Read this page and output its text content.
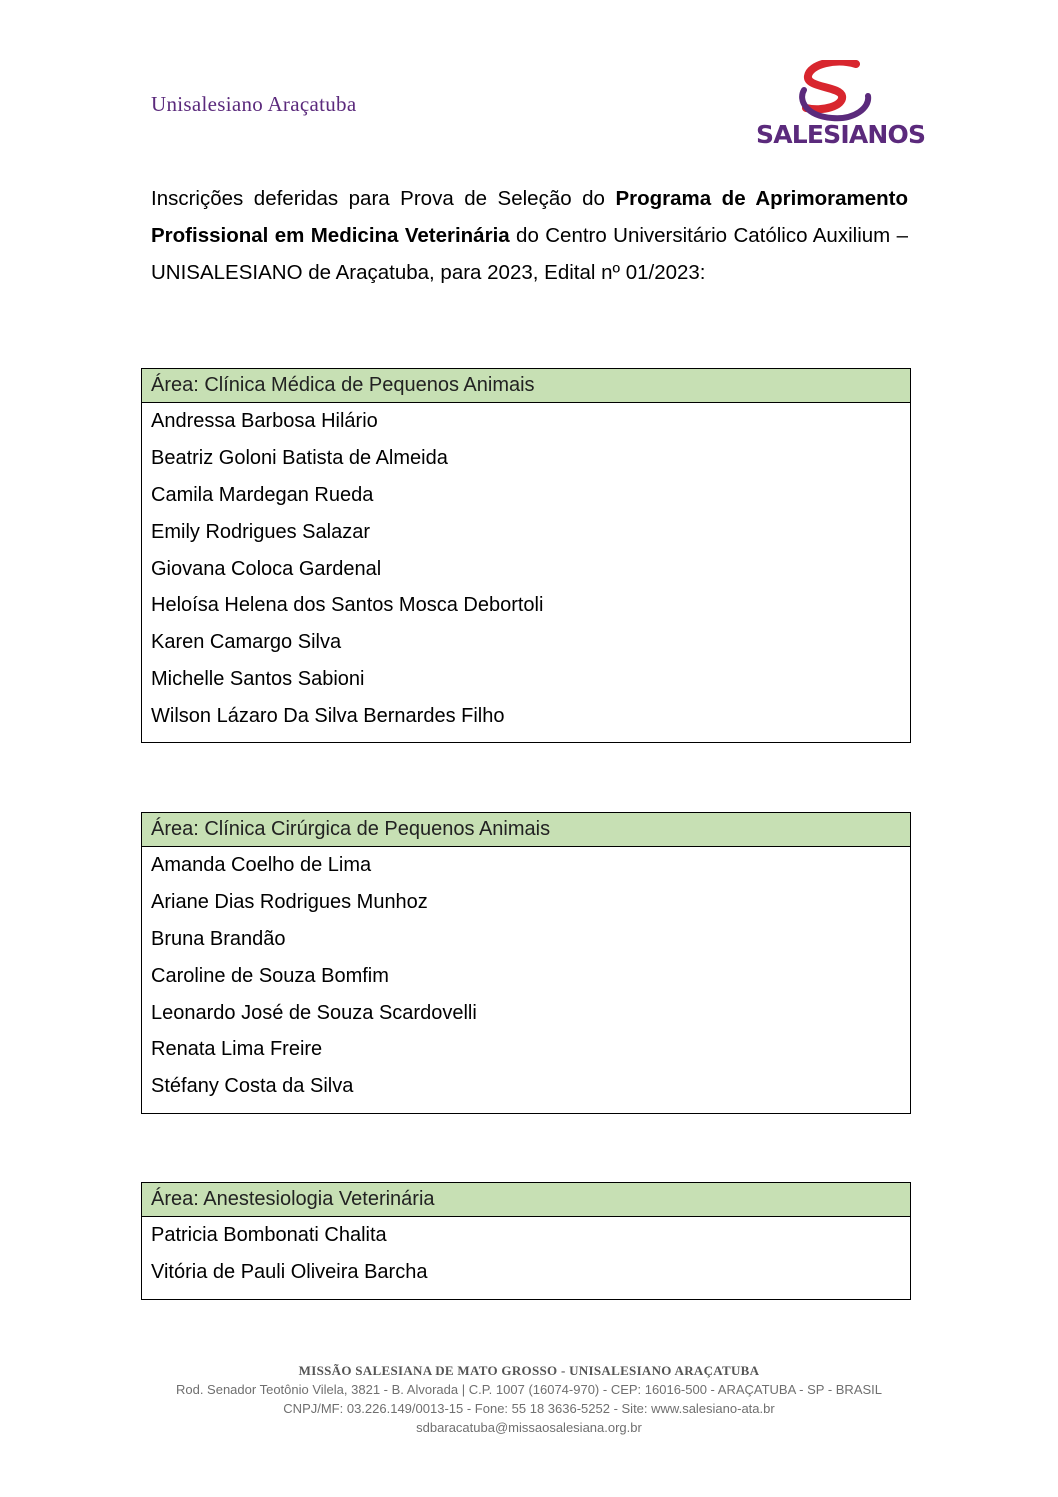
Unisalesiano Araçatuba
SALESIANOS
Inscrições deferidas para Prova de Seleção do Programa de Aprimoramento Profissional em Medicina Veterinária do Centro Universitário Católico Auxilium – UNISALESIANO de Araçatuba, para 2023, Edital nº 01/2023:
Área: Clínica Médica de Pequenos Animais
Andressa Barbosa Hilário
Beatriz Goloni Batista de Almeida
Camila Mardegan Rueda
Emily Rodrigues Salazar
Giovana Coloca Gardenal
Heloísa Helena dos Santos Mosca Debortoli
Karen Camargo Silva
Michelle Santos Sabioni
Wilson Lázaro Da Silva Bernardes Filho
Área: Clínica Cirúrgica de Pequenos Animais
Amanda Coelho de Lima
Ariane Dias Rodrigues Munhoz
Bruna Brandão
Caroline de Souza Bomfim
Leonardo José de Souza Scardovelli
Renata Lima Freire
Stéfany Costa da Silva
Área: Anestesiologia Veterinária
Patricia Bombonati Chalita
Vitória de Pauli Oliveira Barcha
MISSÃO SALESIANA DE MATO GROSSO - UNISALESIANO ARAÇATUBA
Rod. Senador Teotônio Vilela, 3821 - B. Alvorada | C.P. 1007 (16074-970) - CEP: 16016-500 - ARAÇATUBA - SP - BRASIL
CNPJ/MF: 03.226.149/0013-15 - Fone: 55 18 3636-5252 - Site: www.salesiano-ata.br
sdbaracatuba@missaosalesiana.org.br
